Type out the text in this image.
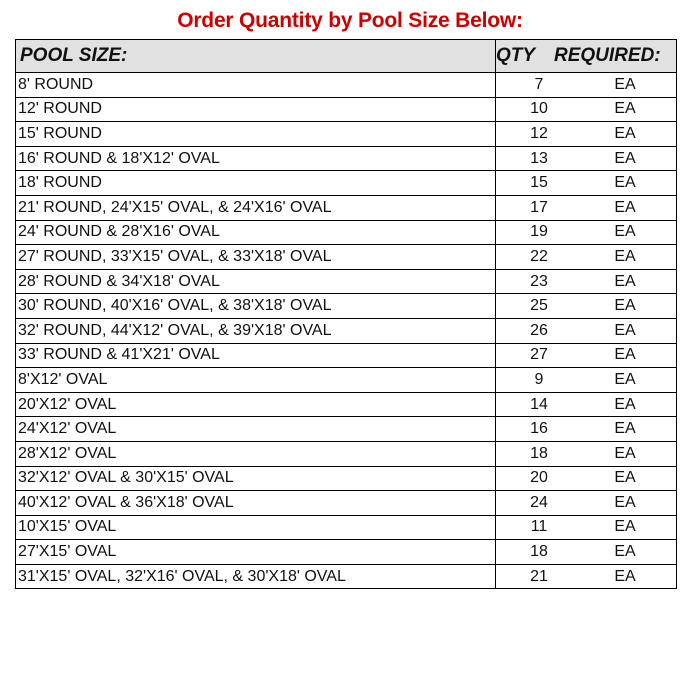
Order Quantity by Pool Size Below:
POOL SIZE:	QTY REQUIRED:
8' ROUND	7 EA
12' ROUND	10 EA
15' ROUND	12 EA
16' ROUND & 18'X12' OVAL	13 EA
18' ROUND	15 EA
21' ROUND, 24'X15' OVAL, & 24'X16' OVAL	17 EA
24' ROUND & 28'X16' OVAL	19 EA
27' ROUND, 33'X15' OVAL, & 33'X18' OVAL	22 EA
28' ROUND & 34'X18' OVAL	23 EA
30' ROUND, 40'X16' OVAL, & 38'X18' OVAL	25 EA
32' ROUND, 44'X12' OVAL, & 39'X18' OVAL	26 EA
33' ROUND & 41'X21' OVAL	27 EA
8'X12' OVAL	9 EA
20'X12' OVAL	14 EA
24'X12' OVAL	16 EA
28'X12' OVAL	18 EA
32'X12' OVAL & 30'X15' OVAL	20 EA
40'X12' OVAL & 36'X18' OVAL	24 EA
10'X15' OVAL	11 EA
27'X15' OVAL	18 EA
31'X15' OVAL, 32'X16' OVAL, & 30'X18' OVAL	21 EA
